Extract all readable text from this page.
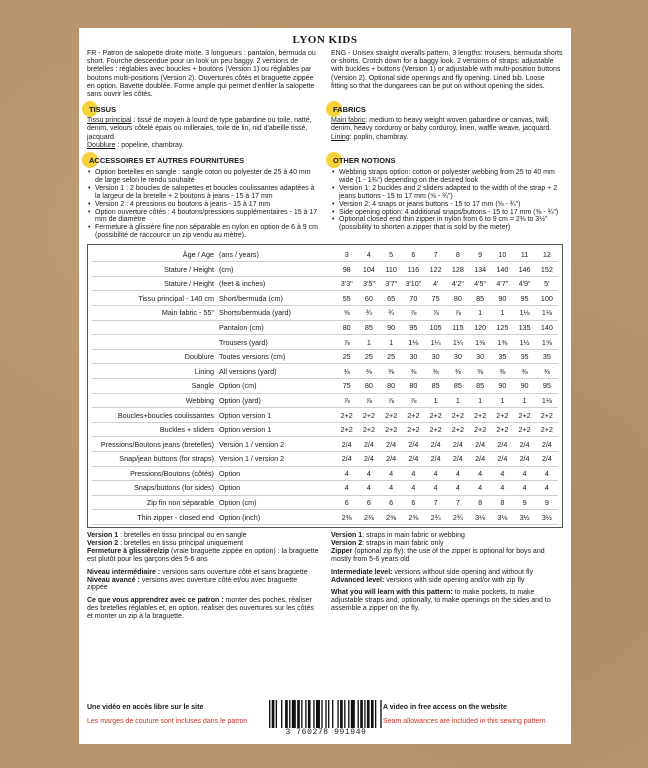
LYON KIDS
FR - Patron de salopette droite mixte. 3 longueurs : pantalon, bermuda ou short. Fourche descendue pour un look un peu baggy. 2 versions de bretelles : réglables avec boucles + boutons (Version 1) ou réglables par boutons multi-positions (Version 2). Ouvertures côtés et braguette zippée en option. Bavette doublée. Forme ample qui permet d'enfiler la salopette sans ouvrir les côtés.
ENG - Unisex straight overalls pattern, 3 lengths: trousers, bermuda shorts or shorts. Crotch down for a baggy look. 2 versions of straps: adjustable with buckles + buttons (Version 1) or adjustable with multi-position buttons (Version 2). Optional side openings and fly opening. Lined bib. Loose fitting so that the dungarees can be put on without opening the sides.
TISSUS
Tissu principal : tissé de moyen à lourd de type gabardine ou toile, natté, denim, velours côtelé épais ou milleraies, toile de lin, nid d'abeille tissé, jacquard.
Doublure : popeline, chambray.
FABRICS
Main fabric: medium to heavy weight woven gabardine or canvas, twill, denim, heavy corduroy or baby corduroy, linen, waffle weave, jacquard.
Lining: poplin, chambray.
ACCESSOIRES ET AUTRES FOURNITURES
• Option bretelles en sangle : sangle coton ou polyester de 25 à 40 mm de large selon le rendu souhaité
• Version 1 : 2 boucles de salopettes et boucles coulissantes adaptées à la largeur de la bretelle + 2 boutons à jeans - 15 à 17 mm
• Version 2 : 4 pressions ou boutons à jeans - 15 à 17 mm
• Option ouverture côtés : 4 boutons/pressions supplémentaires - 15 à 17 mm de diamètre
• Fermeture à glissière fine non séparable en nylon en option de 6 à 9 cm (possibilité de raccourcir un zip vendu au mètre).
OTHER NOTIONS
• Webbing straps option: cotton or polyester webbing from 25 to 40 mm wide (1 - 1⅜") depending on the desired look
• Version 1: 2 buckles and 2 sliders adapted to the width of the strap + 2 jeans buttons - 15 to 17 mm (⅝ - ¾")
• Version 2: 4 snaps or jeans buttons - 15 to 17 mm (⅝ - ¾")
• Side opening option: 4 additional snaps/buttons - 15 to 17 mm (⅝ - ¾")
• Optional closed end thin zipper in nylon from 6 to 9 cm = 2⅜ to 3½" (possibility to shorten a zipper that is sold by the meter)
Âge / Age	(ans / years)	3	4	5	6	7	8	9	10	11	12
Stature / Height	(cm)	98	104	110	116	122	128	134	140	146	152
Stature / Height	(feet & inches)	3'3"	3'5"	3'7"	3'10"	4'	4'2"	4'5"	4'7"	4'9"	5'
Tissu principal - 140 cm	Short/bermuda (cm)	55	60	65	70	75	80	85	90	95	100
Main fabric - 55"	Shorts/bermuda (yard)	⅝	¾	¾	⅞	⅞	⅞	1	1	1⅛	1⅛
	Pantalon (cm)	80	85	90	95	105	115	120	125	135	140
	Trousers (yard)	⅞	1	1	1⅛	1¼	1¼	1⅜	1⅜	1½	1⅝
Doublure	Toutes versions (cm)	25	25	25	30	30	30	30	35	35	35
Lining	All versions (yard)	⅜	⅜	⅜	⅜	⅜	⅜	⅜	⅜	⅜	⅜
Sangle	Option (cm)	75	80	80	80	85	85	85	90	90	95
Webbing	Option (yard)	⅞	⅞	⅞	⅞	1	1	1	1	1	1⅛
Boucles+boucles coulissantes	Option version 1	2+2	2+2	2+2	2+2	2+2	2+2	2+2	2+2	2+2	2+2
Buckles + sliders	Option version 1	2+2	2+2	2+2	2+2	2+2	2+2	2+2	2+2	2+2	2+2
Pressions/Boutons jeans (bretelles)	Version 1 / version 2	2/4	2/4	2/4	2/4	2/4	2/4	2/4	2/4	2/4	2/4
Snap/jean buttons (for straps)	Version 1 / version 2	2/4	2/4	2/4	2/4	2/4	2/4	2/4	2/4	2/4	2/4
Pressions/Boutons (côtés)	Option	4	4	4	4	4	4	4	4	4	4
Snaps/buttons (for sides)	Option	4	4	4	4	4	4	4	4	4	4
Zip fin non séparable	Option (cm)	6	6	6	6	7	7	8	8	9	9
Thin zipper - closed end	Option (inch)	2⅜	2⅜	2⅜	2⅜	2¾	2¾	3⅛	3⅛	3½	3½
Version 1 : bretelles en tissu principal ou en sangle
Version 2 : bretelles en tissu principal uniquement
Fermeture à glissière/zip (vraie braguette zippée en option) : la braguette est plutôt pour les garçons dès 5-6 ans
Niveau intermédiaire : versions sans ouverture côté et sans braguette
Niveau avancé : versions avec ouverture côté et/ou avec braguette zippée
Ce que vous apprendrez avec ce patron : monter des poches, réaliser des bretelles réglables et, en option, réaliser des ouvertures sur les côtés et monter un zip à la braguette.
Version 1: straps in main fabric or webbing
Version 2: straps in main fabric only
Zipper (optional zip fly): the use of the zipper is optional for boys and mostly from 5-6 years old
Intermediate level: versions without side opening and without fly
Advanced level: versions with side opening and/or with zip fly
What you will learn with this pattern: to make pockets, to make adjustable straps and, optionally, to make openings on the sides and to assemble a zipper on the fly.
Une vidéo en accès libre sur le site
Les marges de couture sont incluses dans le patron
A video in free access on the website
Seam allowances are included in this sewing pattern
3 760278 991949
